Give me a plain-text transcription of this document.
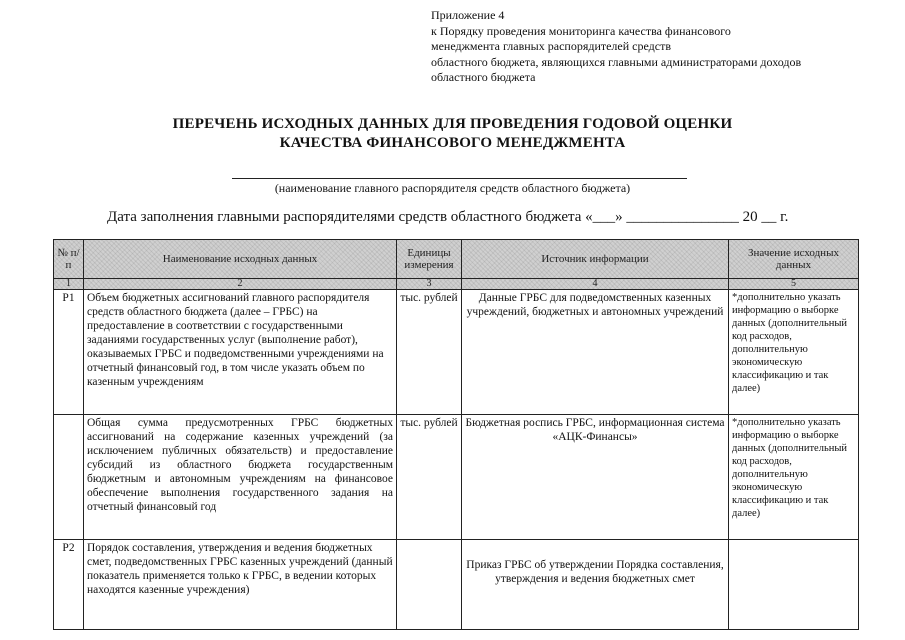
Приложение 4
к Порядку проведения мониторинга качества финансового
менеджмента главных распорядителей средств
областного бюджета, являющихся главными администраторами доходов
областного бюджета
ПЕРЕЧЕНЬ ИСХОДНЫХ ДАННЫХ ДЛЯ ПРОВЕДЕНИЯ ГОДОВОЙ ОЦЕНКИ
КАЧЕСТВА ФИНАНСОВОГО МЕНЕДЖМЕНТА
(наименование главного распорядителя средств областного бюджета)
Дата заполнения главными распорядителями средств областного бюджета «___» _______________ 20 __ г.
№ п/п	Наименование исходных данных	Единицы измерения	Источник информации	Значение исходных данных
1	2	3	4	5
Р1	Объем бюджетных ассигнований главного распорядителя средств областного бюджета (далее – ГРБС) на предоставление в соответствии с государственными заданиями государственных услуг (выполнение работ), оказываемых ГРБС и подведомственными учреждениями на отчетный финансовый год, в том числе указать объем по казенным учреждениям	тыс. рублей	Данные ГРБС для подведомственных казенных учреждений, бюджетных и автономных учреждений	*дополнительно указать информацию о выборке данных (дополнительный код расходов, дополнительную экономическую классификацию и так далее)
	Общая сумма предусмотренных ГРБС бюджетных ассигнований на содержание казенных учреждений (за исключением публичных обязательств) и предоставление субсидий из областного бюджета государственным бюджетным и автономным учреждениям на финансовое обеспечение выполнения государственного задания на отчетный финансовый год	тыс. рублей	Бюджетная роспись ГРБС, информационная система «АЦК-Финансы»	*дополнительно указать информацию о выборке данных (дополнительный код расходов, дополнительную экономическую классификацию и так далее)
Р2	Порядок составления, утверждения и ведения бюджетных смет, подведомственных ГРБС казенных учреждений (данный показатель применяется только к ГРБС, в ведении которых находятся казенные учреждения)		Приказ ГРБС об утверждении Порядка составления, утверждения и ведения бюджетных смет	
